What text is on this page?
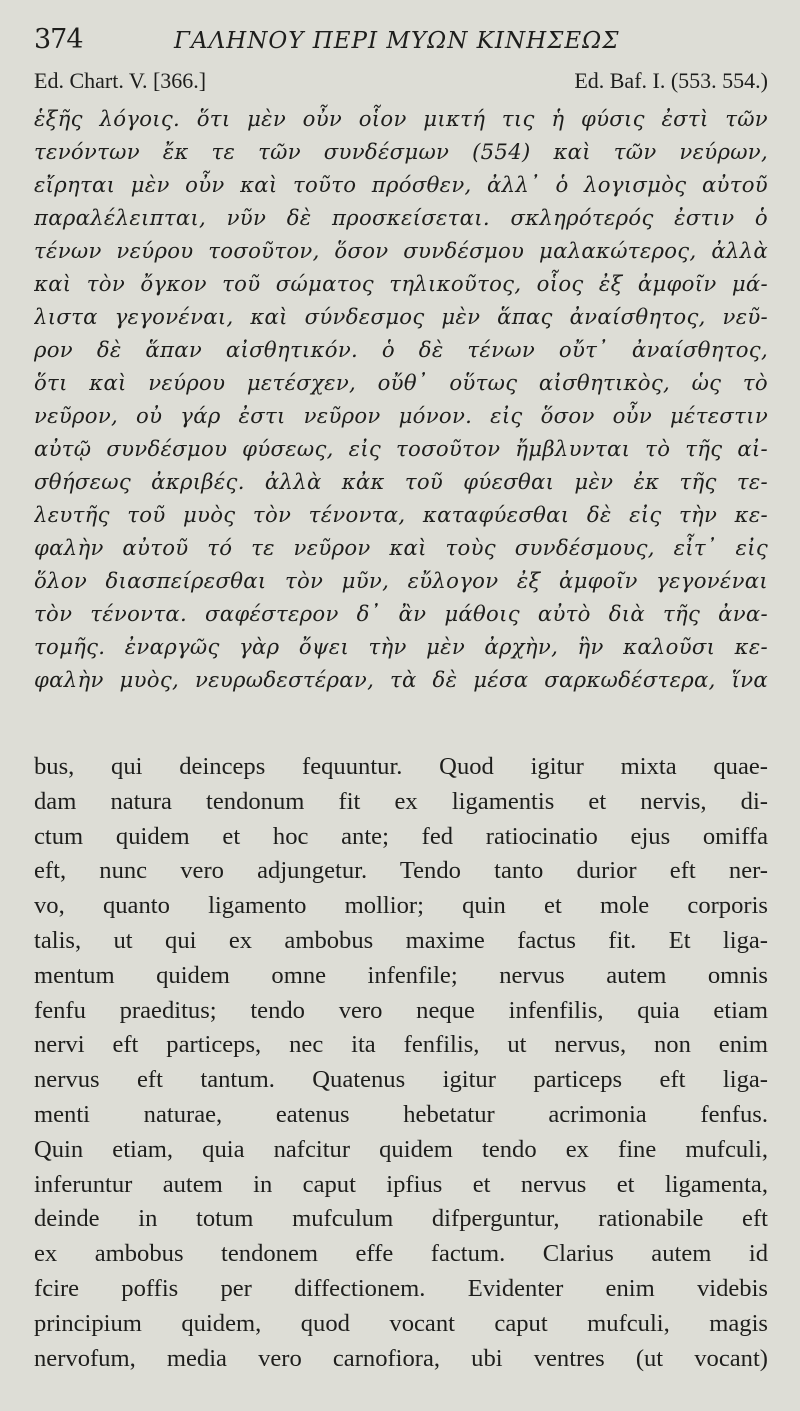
374	ΓΑΛΗΝΟΥ ΠΕΡΙ ΜΥΩΝ ΚΙΝΗΣΕΩΣ
Ed. Chart. V. [366.]	Ed. Baf. I. (553. 554.)
ἑξῆς λόγοις. ὅτι μὲν οὖν οἷον μικτή τις ἡ φύσις ἐστὶ τῶν
τενόντων ἔκ τε τῶν συνδέσμων (554) καὶ τῶν νεύρων,
εἴρηται μὲν οὖν καὶ τοῦτο πρόσθεν, ἀλλ᾿ ὁ λογισμὸς αὐτοῦ
παραλέλειπται, νῦν δὲ προσκείσεται. σκληρότερός ἐστιν ὁ
τένων νεύρου τοσοῦτον, ὅσον συνδέσμου μαλακώτερος, ἀλλὰ
καὶ τὸν ὄγκον τοῦ σώματος τηλικοῦτος, οἷος ἐξ ἀμφοῖν μά-
λιστα γεγονέναι, καὶ σύνδεσμος μὲν ἅπας ἀναίσθητος, νεῦ-
ρον δὲ ἅπαν αἰσθητικόν. ὁ δὲ τένων οὔτ᾿ ἀναίσθητος,
ὅτι καὶ νεύρου μετέσχεν, οὔθ᾿ οὕτως αἰσθητικὸς, ὡς τὸ
νεῦρον, οὐ γάρ ἐστι νεῦρον μόνον. εἰς ὅσον οὖν μέτεστιν
αὐτῷ συνδέσμου φύσεως, εἰς τοσοῦτον ἤμβλυνται τὸ τῆς αἰ-
σθήσεως ἀκριβές. ἀλλὰ κἀκ τοῦ φύεσθαι μὲν ἐκ τῆς τε-
λευτῆς τοῦ μυὸς τὸν τένοντα, καταφύεσθαι δὲ εἰς τὴν κε-
φαλὴν αὐτοῦ τό τε νεῦρον καὶ τοὺς συνδέσμους, εἶτ᾿ εἰς
ὅλον διασπείρεσθαι τὸν μῦν, εὔλογον ἐξ ἀμφοῖν γεγονέναι
τὸν τένοντα. σαφέστερον δ᾿ ἂν μάθοις αὐτὸ διὰ τῆς ἀνα-
τομῆς. ἐναργῶς γὰρ ὄψει τὴν μὲν ἀρχὴν, ἣν καλοῦσι κε-
φαλὴν μυὸς, νευρωδεστέραν, τὰ δὲ μέσα σαρκωδέστερα, ἵνα
bus, qui deinceps fequuntur. Quod igitur mixta quae-
dam natura tendonum fit ex ligamentis et nervis, di-
ctum quidem et hoc ante; fed ratiocinatio ejus omiffa
eft, nunc vero adjungetur. Tendo tanto durior eft ner-
vo, quanto ligamento mollior; quin et mole corporis
talis, ut qui ex ambobus maxime factus fit. Et liga-
mentum quidem omne infenfile; nervus autem omnis
fenfu praeditus; tendo vero neque infenfilis, quia etiam
nervi eft particeps, nec ita fenfilis, ut nervus, non enim
nervus eft tantum. Quatenus igitur particeps eft liga-
menti naturae, eatenus hebetatur acrimonia fenfus.
Quin etiam, quia nafcitur quidem tendo ex fine mufculi,
inferuntur autem in caput ipfius et nervus et ligamenta,
deinde in totum mufculum difperguntur, rationabile eft
ex ambobus tendonem effe factum. Clarius autem id
fcire poffis per diffectionem. Evidenter enim videbis
principium quidem, quod vocant caput mufculi, magis
nervofum, media vero carnofiora, ubi ventres (ut vocant)
